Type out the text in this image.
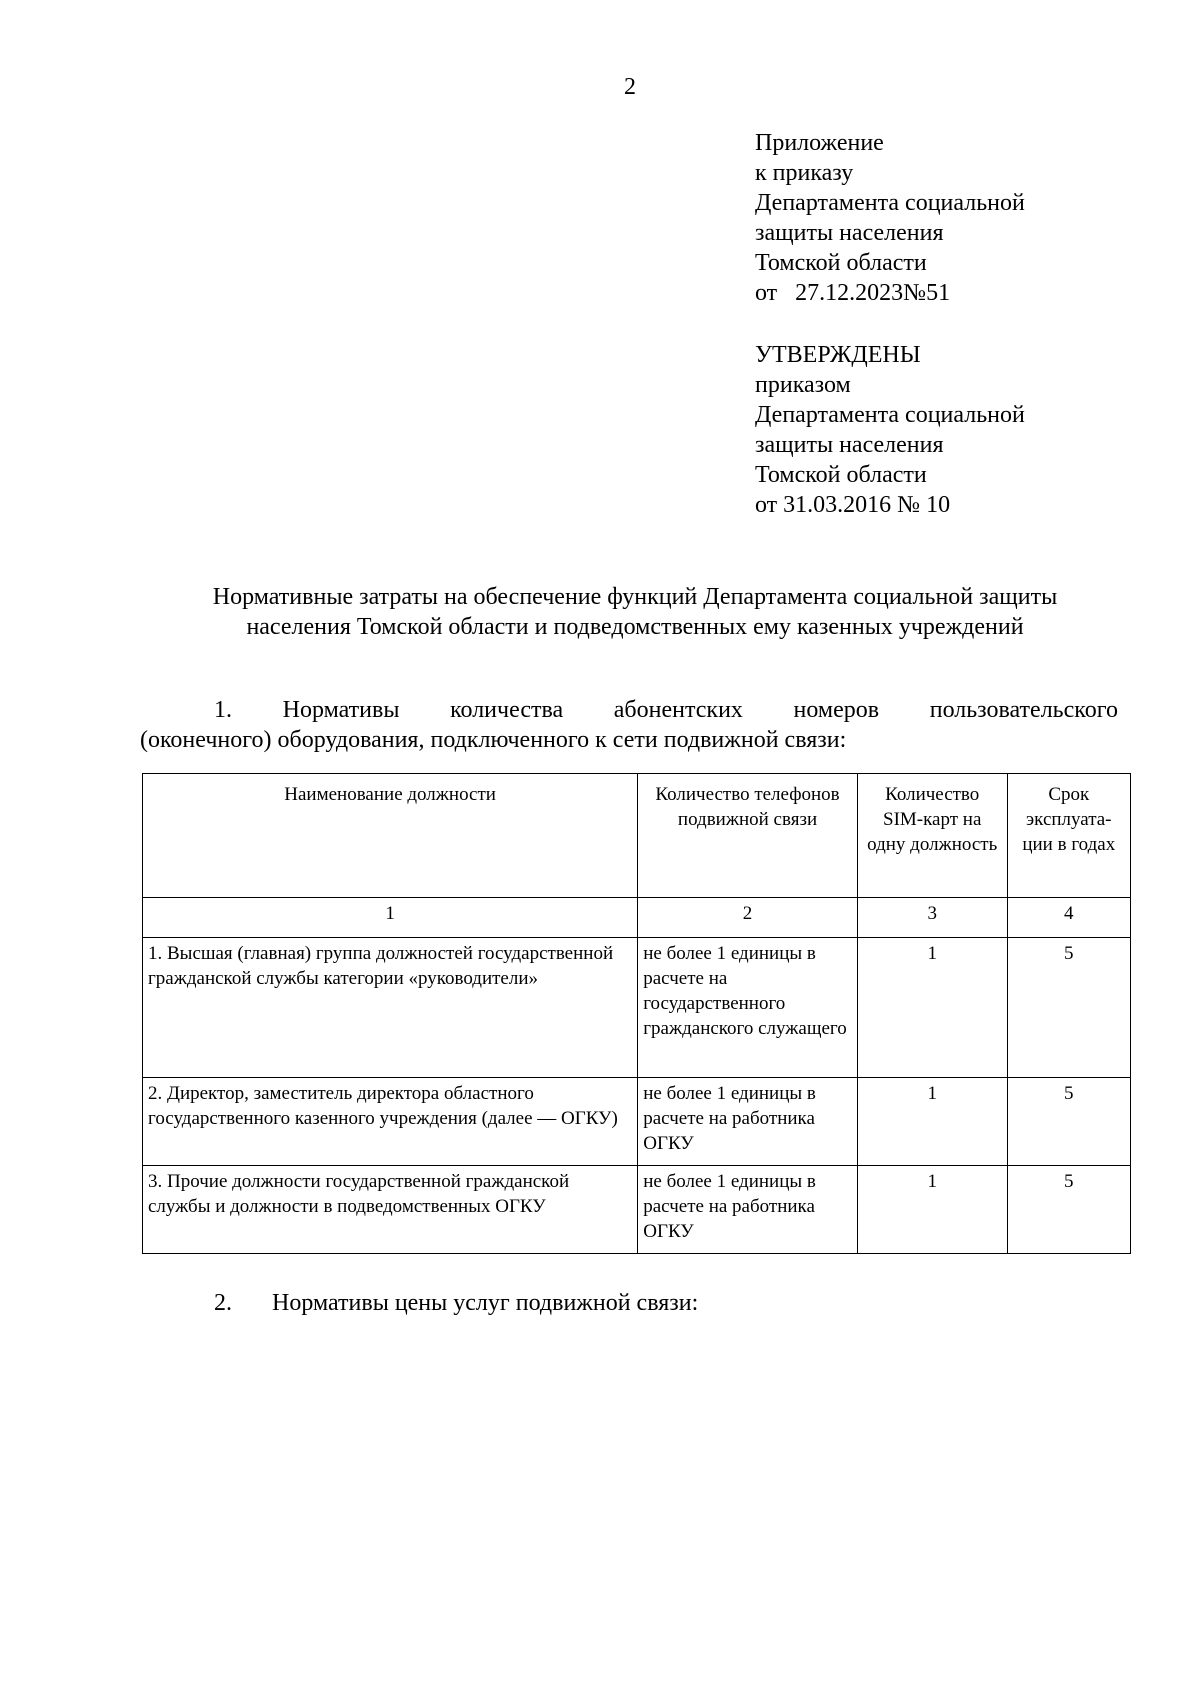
2
Приложение
к приказу
Департамента социальной
защиты населения
Томской области
от   27.12.2023№51
УТВЕРЖДЕНЫ
приказом
Департамента социальной
защиты населения
Томской области
от 31.03.2016 № 10
Нормативные затраты на обеспечение функций Департамента социальной защиты
населения Томской области и подведомственных ему казенных учреждений
1. Нормативы количества абонентских номеров пользовательского
(оконечного) оборудования, подключенного к сети подвижной связи:
Наименование должности	Количество телефонов подвижной связи	Количество SIM-карт на одну должность	Срок эксплуата-ции в годах
1	2	3	4
1. Высшая (главная) группа должностей государственной гражданской службы категории «руководители»	не более 1 единицы в расчете на государственного гражданского служащего	1	5
2. Директор, заместитель директора областного государственного казенного учреждения (далее — ОГКУ)	не более 1 единицы в расчете на работника ОГКУ	1	5
3. Прочие должности государственной гражданской службы и должности в подведомственных ОГКУ	не более 1 единицы в расчете на работника ОГКУ	1	5
2. Нормативы цены услуг подвижной связи:
